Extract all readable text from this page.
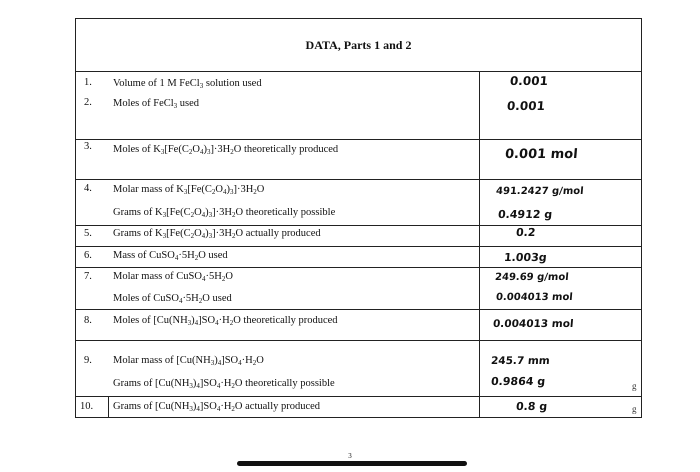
DATA, Parts 1 and 2
1.
2.
3.
4.
5.
6.
7.
8.
9.
10.
Volume of 1 M FeCl$_3$ solution used
Moles of FeCl$_3$ used
Moles of $K_3[Fe(C_2O_4)_3]\cdot 3H_2O$ theoretically produced
Molar mass of $K_3[Fe(C_2O_4)_3]\cdot 3H_2O$
Grams of $K_3[Fe(C_2O_4)_3]\cdot 3H_2O$ theoretically possible
Grams of $K_3[Fe(C_2O_4)_3]\cdot 3H_2O$ actually produced
Mass of $CuSO_4\cdot 5H_2O$ used
Molar mass of $CuSO_4\cdot 5H_2O$
Moles of $CuSO_4\cdot 5H_2O$ used
Moles of $[Cu(NH_3)_4]SO_4\cdot H_2O$ theoretically produced
Molar mass of $[Cu(NH_3)_4]SO_4\cdot H_2O$
Grams of $[Cu(NH_3)_4]SO_4\cdot H_2O$ theoretically possible
Grams of $[Cu(NH_3)_4]SO_4\cdot H_2O$ actually produced
0.001
0.001
0.001 mol
491.2427 g/mol
0.4912 g
0.2
1.003g
249.69 g/mol
0.004013 mol
0.004013 mol
245.7 mm
0.9864 g
0.8 g
g
g
3
